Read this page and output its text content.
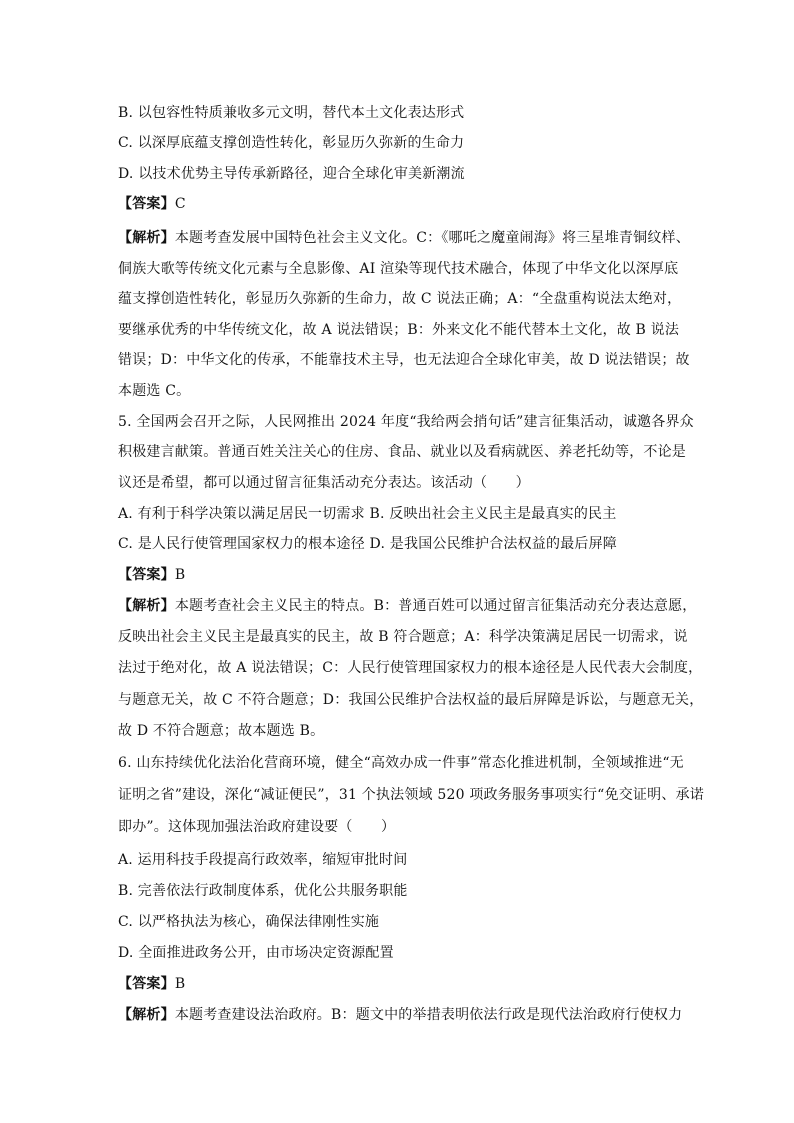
B. 以包容性特质兼收多元文明，替代本土文化表达形式
C. 以深厚底蕴支撑创造性转化，彰显历久弥新的生命力
D. 以技术优势主导传承新路径，迎合全球化审美新潮流
【答案】C
【解析】本题考查发展中国特色社会主义文化。C：《哪吒之魔童闹海》将三星堆青铜纹样、
侗族大歌等传统文化元素与全息影像、AI 渲染等现代技术融合，体现了中华文化以深厚底
蕴支撑创造性转化，彰显历久弥新的生命力，故 C 说法正确；A：“全盘重构说法太绝对，
要继承优秀的中华传统文化，故 A 说法错误；B：外来文化不能代替本土文化，故 B 说法
错误；D：中华文化的传承，不能靠技术主导，也无法迎合全球化审美，故 D 说法错误；故
本题选 C。
5. 全国两会召开之际，人民网推出 2024 年度“我给两会捎句话”建言征集活动，诚邀各界众
积极建言献策。普通百姓关注关心的住房、食品、就业以及看病就医、养老托幼等，不论是
议还是希望，都可以通过留言征集活动充分表达。该活动（　　）
A. 有利于科学决策以满足居民一切需求 B. 反映出社会主义民主是最真实的民主
C. 是人民行使管理国家权力的根本途径 D. 是我国公民维护合法权益的最后屏障
【答案】B
【解析】本题考查社会主义民主的特点。B：普通百姓可以通过留言征集活动充分表达意愿，
反映出社会主义民主是最真实的民主，故 B 符合题意；A：科学决策满足居民一切需求，说
法过于绝对化，故 A 说法错误；C：人民行使管理国家权力的根本途径是人民代表大会制度，
与题意无关，故 C 不符合题意；D：我国公民维护合法权益的最后屏障是诉讼，与题意无关，
故 D 不符合题意；故本题选 B。
6. 山东持续优化法治化营商环境，健全“高效办成一件事”常态化推进机制，全领域推进“无
证明之省”建设，深化“减证便民”，31 个执法领域 520 项政务服务事项实行“免交证明、承诺
即办”。这体现加强法治政府建设要（　　）
A. 运用科技手段提高行政效率，缩短审批时间
B. 完善依法行政制度体系，优化公共服务职能
C. 以严格执法为核心，确保法律刚性实施
D. 全面推进政务公开，由市场决定资源配置
【答案】B
【解析】本题考查建设法治政府。B：题文中的举措表明依法行政是现代法治政府行使权力
